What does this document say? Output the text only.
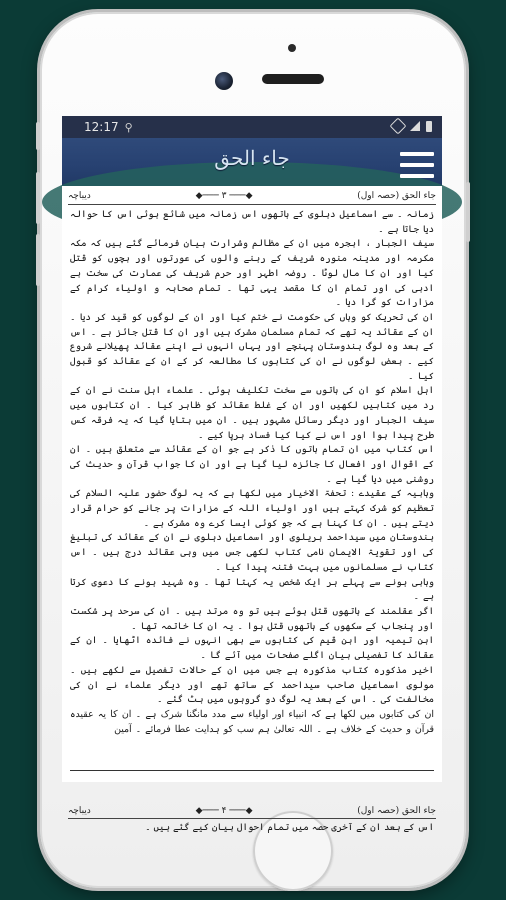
12:17 ⚲
جاء الحق
دیباچہ	◆─── ۳ ───◆	جاء الحق (حصہ اول)

زمانہ ۔ سے اسماعیل دہلوی کے ہاتھوں اس زمانہ میں شائع ہوئی اس کا حوالہ دیا جاتا ہے ۔

سیف الجبار ، ابجرہ میں ان کے مظالم وشرارت بیان فرمائے گئے ہیں کہ مکہ مکرمہ اور مدینہ منورہ شریف کے رہنے والوں کی عورتوں اور بچوں کو قتل کیا اور ان کا مال لوٹا ۔ روضہ اطہر اور حرم شریف کی عمارت کی سخت بے ادبی کی اور تمام ان کا مقصد یہی تھا ۔ تمام صحابہ و اولیاء کرام کے مزارات کو گرا دیا ۔

ان کی تحریک کو وہاں کی حکومت نے ختم کیا اور ان کے لوگوں کو قید کر دیا ۔ ان کے عقائد یہ تھے کہ تمام مسلمان مشرک ہیں اور ان کا قتل جائز ہے ۔ اس کے بعد وہ لوگ ہندوستان پہنچے اور یہاں انہوں نے اپنے عقائد پھیلانے شروع کیے ۔ بعض لوگوں نے ان کی کتابوں کا مطالعہ کر کے ان کے عقائد کو قبول کیا ۔

اہل اسلام کو ان کی باتوں سے سخت تکلیف ہوئی ۔ علماء اہل سنت نے ان کے رد میں کتابیں لکھیں اور ان کے غلط عقائد کو ظاہر کیا ۔ ان کتابوں میں سیف الجبار اور دیگر رسائل مشہور ہیں ۔ ان میں بتایا گیا کہ یہ فرقہ کس طرح پیدا ہوا اور اس نے کیا کیا فساد برپا کیے ۔

اس کتاب میں ان تمام باتوں کا ذکر ہے جو ان کے عقائد سے متعلق ہیں ۔ ان کے اقوال اور افعال کا جائزہ لیا گیا ہے اور ان کا جواب قرآن و حدیث کی روشنی میں دیا گیا ہے ۔

وہابیہ کے عقیدے : تحفۃ الاخیار میں لکھا ہے کہ یہ لوگ حضور علیہ السلام کی تعظیم کو شرک کہتے ہیں اور اولیاء اللہ کے مزارات پر جانے کو حرام قرار دیتے ہیں ۔ ان کا کہنا ہے کہ جو کوئی ایسا کرے وہ مشرک ہے ۔

ہندوستان میں سیداحمد بریلوی اور اسماعیل دہلوی نے ان کے عقائد کی تبلیغ کی اور تقویۃ الایمان نامی کتاب لکھی جس میں وہی عقائد درج ہیں ۔ اس کتاب نے مسلمانوں میں بہت فتنہ پیدا کیا ۔

وہابی ہونے سے پہلے ہر ایک شخص یہ کہتا تھا ۔ وہ شہید ہونے کا دعوی کرتا ہے ۔

اگر عقلمند کے ہاتھوں قتل ہوئے ہیں تو وہ مرتد ہیں ۔ ان کی سرحد پر شکست اور پنجاب کے سکھوں کے ہاتھوں قتل ہوا ۔ یہ ان کا خاتمہ تھا ۔

ابن تیمیہ اور ابن قیم کی کتابوں سے بھی انہوں نے فائدہ اٹھایا ۔ ان کے عقائد کا تفصیلی بیان اگلے صفحات میں آئے گا ۔

اخیر مذکورہ کتاب مذکورہ ہے جس میں ان کے حالات تفصیل سے لکھے ہیں ۔ مولوی اسماعیل صاحب سیداحمد کے ساتھ تھے اور دیگر علماء نے ان کی مخالفت کی ۔ اس کے بعد یہ لوگ دو گروہوں میں بٹ گئے ۔

ان کی کتابوں میں لکھا ہے کہ انبیاء اور اولیاء سے مدد مانگنا شرک ہے ۔ ان کا یہ عقیدہ قرآن و حدیث کے خلاف ہے ۔ اللہ تعالیٰ ہم سب کو ہدایت عطا فرمائے ۔ آمین

دیباچہ	◆─── ۴ ───◆	جاء الحق (حصہ اول)
اس کے بعد ان کے آخری حصہ میں تمام احوال بیان کیے گئے ہیں ۔
